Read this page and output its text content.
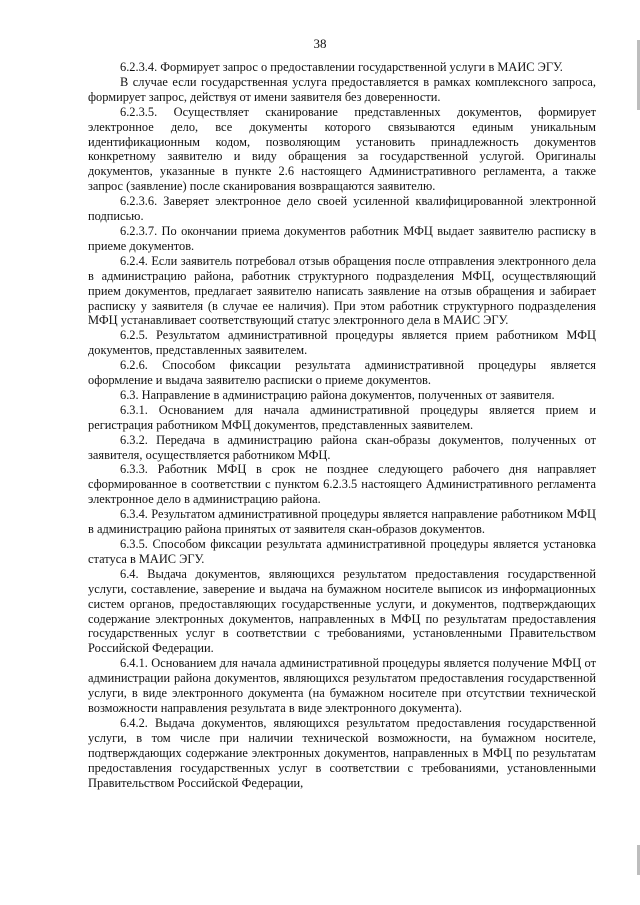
38

6.2.3.4. Формирует запрос о предоставлении государственной услуги в МАИС ЭГУ.

В случае если государственная услуга предоставляется в рамках комплексного запроса, формирует запрос, действуя от имени заявителя без доверенности.

6.2.3.5. Осуществляет сканирование представленных документов, формирует электронное дело, все документы которого связываются единым уникальным идентификационным кодом, позволяющим установить принадлежность документов конкретному заявителю и виду обращения за государственной услугой. Оригиналы документов, указанные в пункте 2.6 настоящего Административного регламента, а также запрос (заявление) после сканирования возвращаются заявителю.

6.2.3.6. Заверяет электронное дело своей усиленной квалифицированной электронной подписью.

6.2.3.7. По окончании приема документов работник МФЦ выдает заявителю расписку в приеме документов.

6.2.4. Если заявитель потребовал отзыв обращения после отправления электронного дела в администрацию района, работник структурного подразделения МФЦ, осуществляющий прием документов, предлагает заявителю написать заявление на отзыв обращения и забирает расписку у заявителя (в случае ее наличия). При этом работник структурного подразделения МФЦ устанавливает соответствующий статус электронного дела в МАИС ЭГУ.

6.2.5. Результатом административной процедуры является прием работником МФЦ документов, представленных заявителем.

6.2.6. Способом фиксации результата административной процедуры является оформление и выдача заявителю расписки о приеме документов.

6.3. Направление в администрацию района документов, полученных от заявителя.

6.3.1. Основанием для начала административной процедуры является прием и регистрация работником МФЦ документов, представленных заявителем.

6.3.2. Передача в администрацию района скан-образы документов, полученных от заявителя, осуществляется работником МФЦ.

6.3.3. Работник МФЦ в срок не позднее следующего рабочего дня направляет сформированное в соответствии с пунктом 6.2.3.5 настоящего Административного регламента электронное дело в администрацию района.

6.3.4. Результатом административной процедуры является направление работником МФЦ в администрацию района принятых от заявителя скан-образов документов.

6.3.5. Способом фиксации результата административной процедуры является установка статуса в МАИС ЭГУ.

6.4. Выдача документов, являющихся результатом предоставления государственной услуги, составление, заверение и выдача на бумажном носителе выписок из информационных систем органов, предоставляющих государственные услуги, и документов, подтверждающих содержание электронных документов, направленных в МФЦ по результатам предоставления государственных услуг в соответствии с требованиями, установленными Правительством Российской Федерации.

6.4.1. Основанием для начала административной процедуры является получение МФЦ от администрации района документов, являющихся результатом предоставления государственной услуги, в виде электронного документа (на бумажном носителе при отсутствии технической возможности направления результата в виде электронного документа).

6.4.2. Выдача документов, являющихся результатом предоставления государственной услуги, в том числе при наличии технической возможности, на бумажном носителе, подтверждающих содержание электронных документов, направленных в МФЦ по результатам предоставления государственных услуг в соответствии с требованиями, установленными Правительством Российской Федерации,
